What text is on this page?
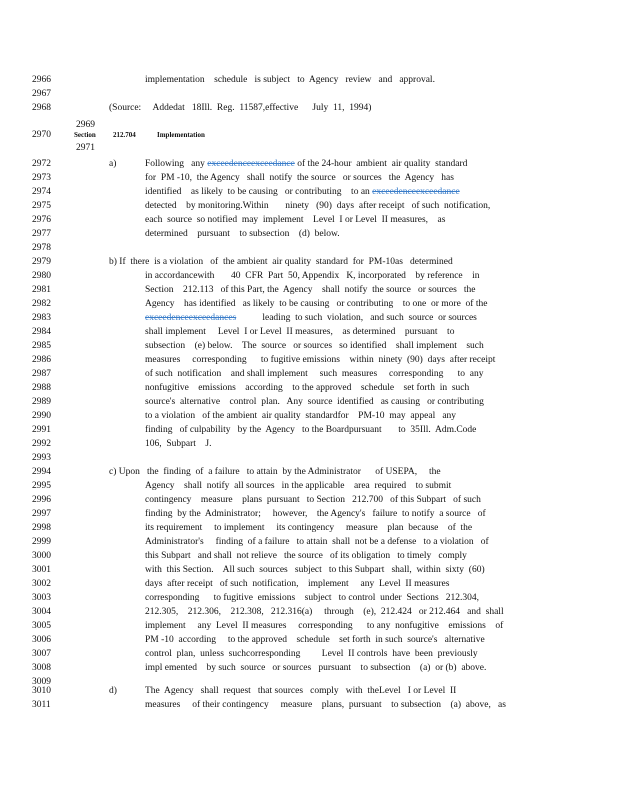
2966	implementation    schedule   is subject   to  Agency   review   and   approval.
2967
2968	(Source:     Addedat   18Ill.  Reg.  11587,effective      July  11,  1994)
2970
2972	Following   any exceedenceexceedance of the 24-hour  ambient  air quality  standard
2973	for  PM -10,  the Agency   shall  notify  the source   or sources   the  Agency   has
2974	identified    as likely  to be causing   or contributing    to an exceedenceexceedance
2975	detected    by monitoring.Within       ninety   (90)  days  after receipt   of such  notification,
2976	each  source  so notified  may  implement    Level  I or Level  II measures,    as
2977	determined    pursuant    to subsection    (d)  below.
2978
2979	b) If  there  is a violation   of  the ambient  air quality  standard  for  PM-10as   determined
2980	in accordancewith       40  CFR  Part  50, Appendix   K, incorporated    by reference    in
2981	Section    212.113   of this Part, the  Agency    shall  notify  the source   or sources   the
2982	Agency    has identified   as likely  to be causing   or contributing    to one  or more  of the
2983	exceedenceexceedances           leading  to such  violation,   and such  source  or sources
2984	shall implement     Level  I or Level  II measures,    as determined    pursuant    to
2985	subsection    (e) below.    The  source   or sources   so identified    shall implement    such
2986	measures     corresponding      to fugitive emissions    within  ninety  (90)  days  after receipt
2987	of such  notification    and shall implement     such  measures     corresponding      to  any
2988	nonfugitive    emissions    according    to the approved    schedule    set forth  in  such
2989	source's  alternative    control  plan.   Any  source  identified   as causing   or contributing
2990	to a violation   of the ambient  air quality  standardfor    PM-10  may  appeal   any
2991	finding   of culpability   by the  Agency   to the Boardpursuant       to  35Ill.  Adm.Code
2992	106,  Subpart    J.
2993
2994	c) Upon   the  finding  of  a failure   to attain  by the Administrator      of USEPA,     the
2995	Agency    shall  notify  all sources   in the applicable    area  required    to submit
2996	contingency    measure    plans  pursuant   to Section   212.700   of this Subpart   of such
2997	finding  by the  Administrator;     however,    the Agency's   failure  to notify  a source   of
2998	its requirement     to implement     its contingency     measure    plan  because    of  the
2999	Administrator's     finding  of a failure   to attain  shall  not be a defense   to a violation   of
3000	this Subpart   and shall  not relieve   the source   of its obligation   to timely   comply
3001	with  this Section.    All such  sources   subject   to this Subpart   shall,  within  sixty  (60)
3002	days  after receipt   of such  notification,    implement     any  Level  II measures
3003	corresponding      to fugitive  emissions    subject   to control  under  Sections   212.304,
3004	212.305,    212.306,    212.308,   212.316(a)     through    (e),  212.424   or 212.464   and  shall
3005	implement     any  Level  II measures     corresponding      to any  nonfugitive    emissions    of
3006	PM -10  according     to the approved    schedule    set forth  in such  source's   alternative
3007	control  plan,  unless  suchcorresponding         Level  II controls  have  been  previously
3008	impl emented    by such  source   or sources   pursuant    to subsection    (a)  or (b)  above.
3009
3010	The  Agency   shall  request   that sources   comply   with  theLevel   I or Level  II
3011	measures     of their contingency     measure    plans,  pursuant    to subsection    (a)  above,   as
2969
Section 212.704	Implementation
2971
a)
d)
